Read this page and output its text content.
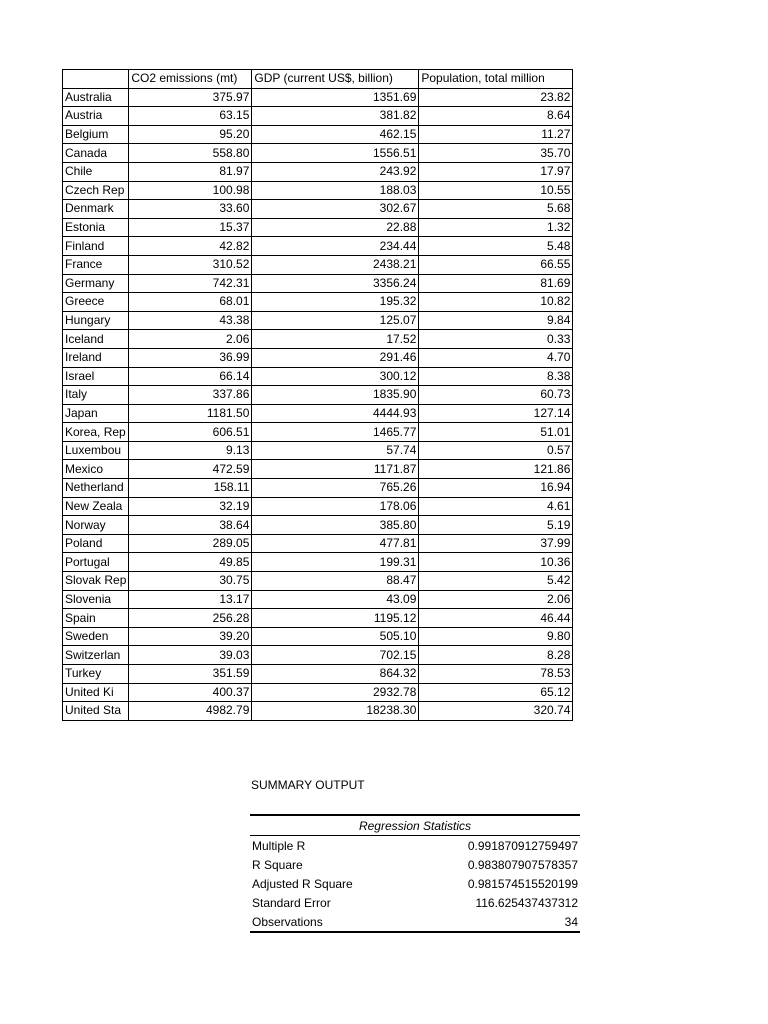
	CO2 emissions (mt)	GDP (current US$, billion)	Population, total million
Australia	375.97	1351.69	23.82
Austria	63.15	381.82	8.64
Belgium	95.20	462.15	11.27
Canada	558.80	1556.51	35.70
Chile	81.97	243.92	17.97
Czech Rep	100.98	188.03	10.55
Denmark	33.60	302.67	5.68
Estonia	15.37	22.88	1.32
Finland	42.82	234.44	5.48
France	310.52	2438.21	66.55
Germany	742.31	3356.24	81.69
Greece	68.01	195.32	10.82
Hungary	43.38	125.07	9.84
Iceland	2.06	17.52	0.33
Ireland	36.99	291.46	4.70
Israel	66.14	300.12	8.38
Italy	337.86	1835.90	60.73
Japan	1181.50	4444.93	127.14
Korea, Rep	606.51	1465.77	51.01
Luxembou	9.13	57.74	0.57
Mexico	472.59	1171.87	121.86
Netherland	158.11	765.26	16.94
New Zeala	32.19	178.06	4.61
Norway	38.64	385.80	5.19
Poland	289.05	477.81	37.99
Portugal	49.85	199.31	10.36
Slovak Rep	30.75	88.47	5.42
Slovenia	13.17	43.09	2.06
Spain	256.28	1195.12	46.44
Sweden	39.20	505.10	9.80
Switzerlan	39.03	702.15	8.28
Turkey	351.59	864.32	78.53
United Ki	400.37	2932.78	65.12
United Sta	4982.79	18238.30	320.74
SUMMARY OUTPUT
Regression Statistics	
Multiple R	0.991870912759497
R Square	0.983807907578357
Adjusted R Square	0.981574515520199
Standard Error	116.625437437312
Observations	34
